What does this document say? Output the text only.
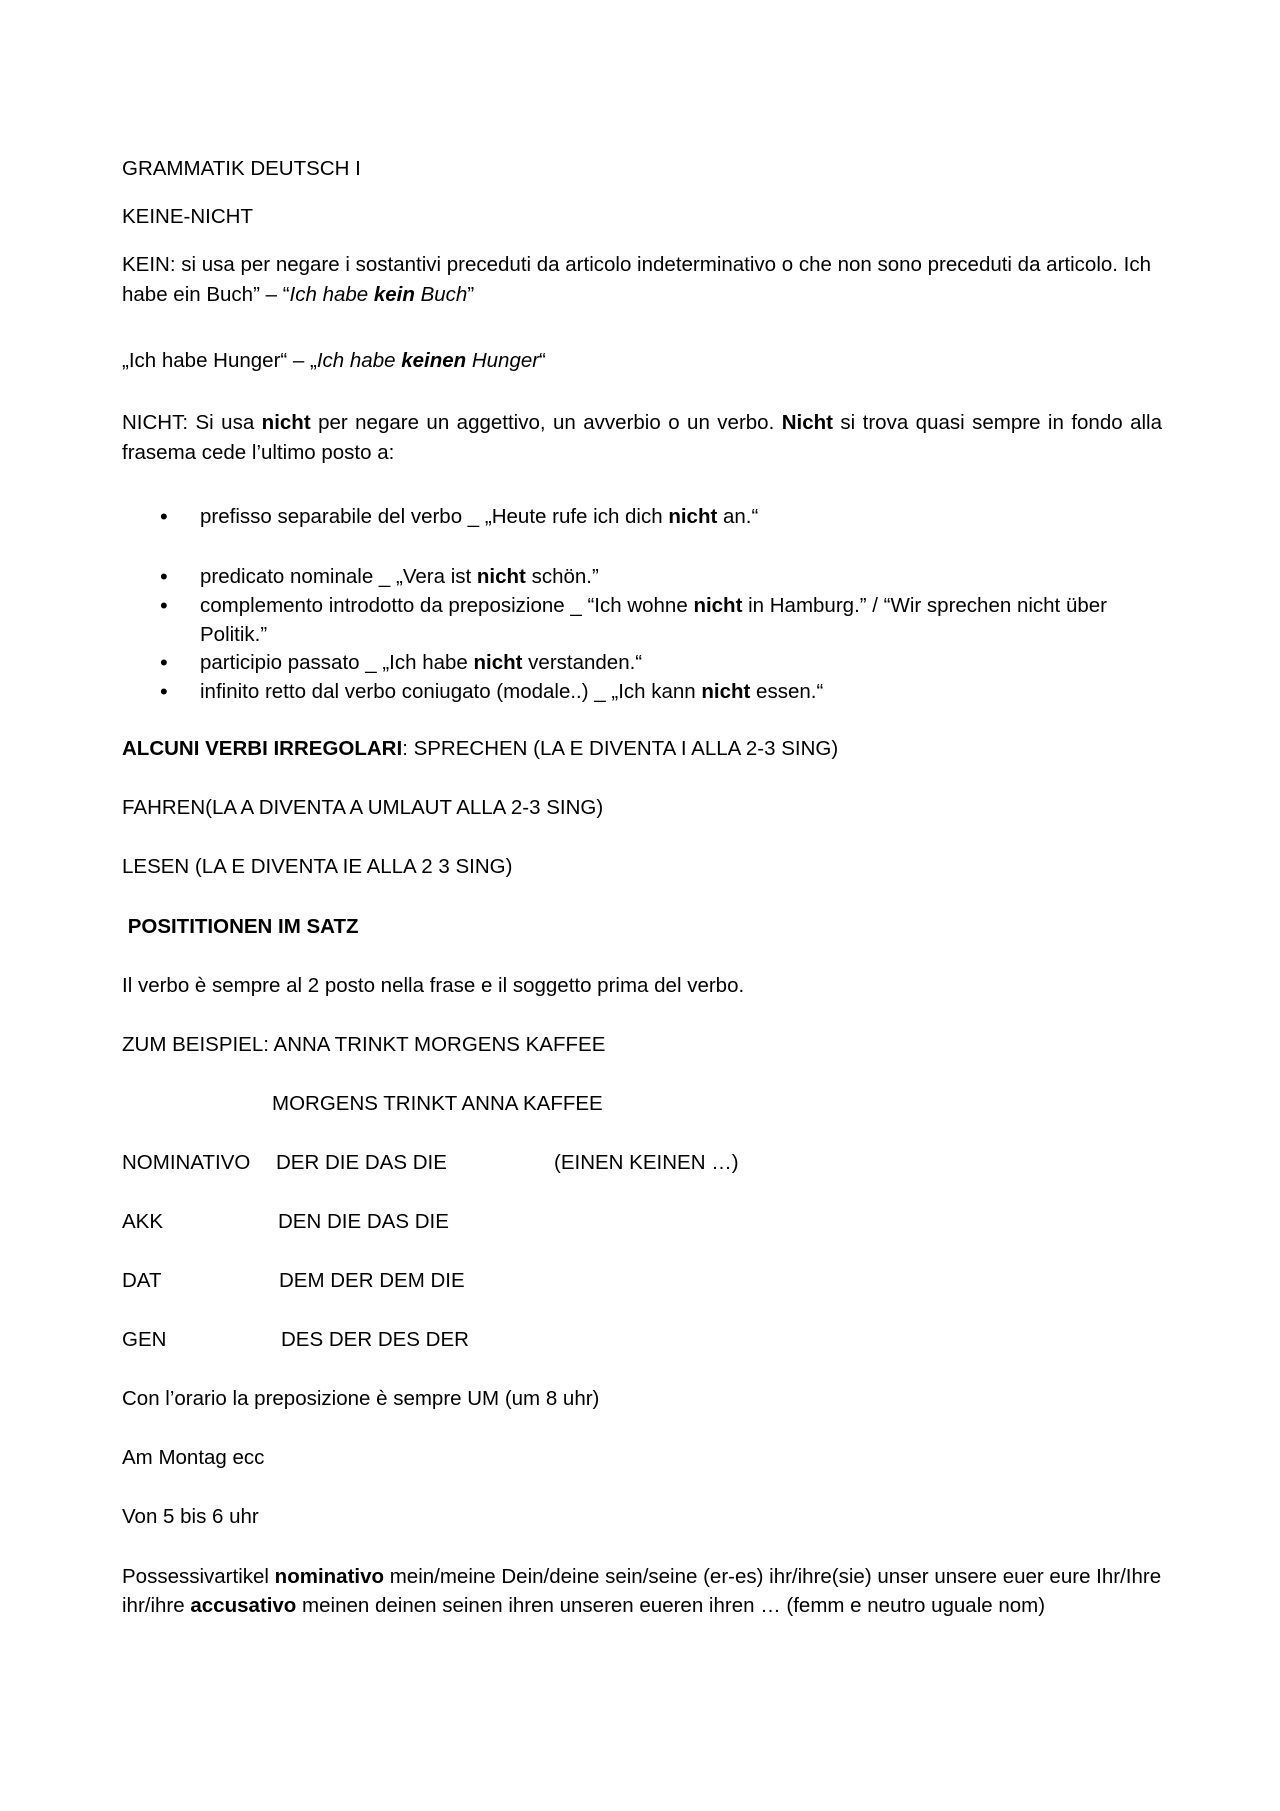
GRAMMATIK DEUTSCH I
KEINE-NICHT
KEIN: si usa per negare i sostantivi preceduti da articolo indeterminativo o che non sono preceduti da articolo. Ich habe ein Buch” – “Ich habe kein Buch”
„Ich habe Hunger“ – „Ich habe keinen Hunger“
NICHT: Si usa nicht per negare un aggettivo, un avverbio o un verbo. Nicht si trova quasi sempre in fondo alla frasema cede l’ultimo posto a:
• prefisso separabile del verbo _ „Heute rufe ich dich nicht an.“
• predicato nominale _ „Vera ist nicht schön.”
• complemento introdotto da preposizione _ “Ich wohne nicht in Hamburg.” / “Wir sprechen nicht über Politik.”
• participio passato _ „Ich habe nicht verstanden.“
• infinito retto dal verbo coniugato (modale..) _ „Ich kann nicht essen.“
ALCUNI VERBI IRREGOLARI: SPRECHEN (LA E DIVENTA I ALLA 2-3 SING)
FAHREN(LA A DIVENTA A UMLAUT ALLA 2-3 SING)
LESEN (LA E DIVENTA IE ALLA 2 3 SING)
POSITITIONEN IM SATZ
Il verbo è sempre al 2 posto nella frase e il soggetto prima del verbo.
ZUM BEISPIEL: ANNA TRINKT MORGENS KAFFEE
MORGENS TRINKT ANNA KAFFEE
NOMINATIVO DER DIE DAS DIE	(EINEN KEINEN …)
AKK	DEN DIE DAS DIE
DAT	DEM DER DEM DIE
GEN	DES DER DES DER
Con l’orario la preposizione è sempre UM (um 8 uhr)
Am Montag ecc
Von 5 bis 6 uhr
Possessivartikel nominativo mein/meine Dein/deine sein/seine (er-es) ihr/ihre(sie) unser unsere euer eure Ihr/Ihre ihr/ihre accusativo meinen deinen seinen ihren unseren eueren ihren … (femm e neutro uguale nom)
